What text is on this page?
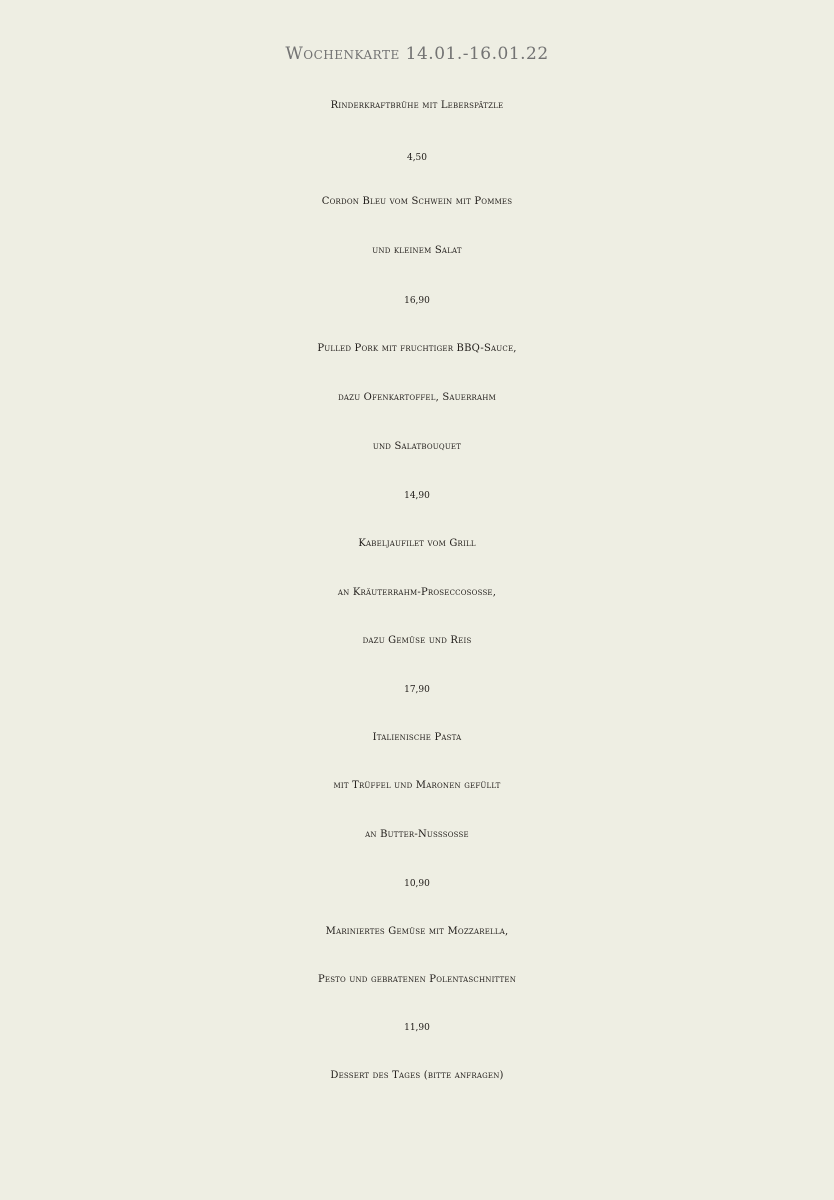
Wochenkarte 14.01.-16.01.22
Rinderkraftbrühe mit Leberspätzle
4,50
Cordon Bleu vom Schwein mit Pommes
und kleinem Salat
16,90
Pulled Pork mit fruchtiger BBQ-Sauce,
dazu Ofenkartoffel, Sauerrahm
und Salatbouquet
14,90
Kabeljaufilet vom Grill
an Kräuterrahm-Proseccososse,
dazu Gemüse und Reis
17,90
Italienische Pasta
mit Trüffel und Maronen gefüllt
an Butter-Nusssosse
10,90
Mariniertes Gemüse mit Mozzarella,
Pesto und gebratenen Polentaschnitten
11,90
Dessert des Tages (bitte anfragen)
